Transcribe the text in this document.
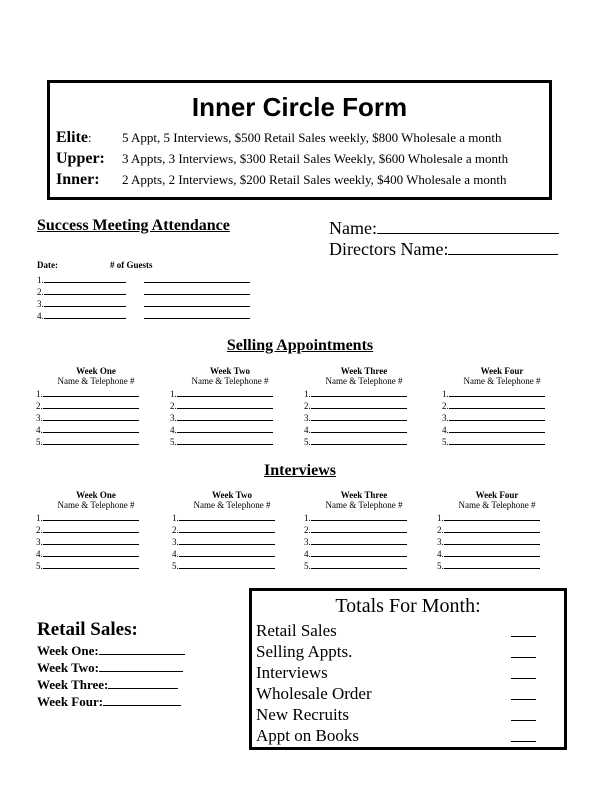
Inner Circle Form
Elite: 5 Appt, 5 Interviews, $500 Retail Sales weekly, $800 Wholesale a month
Upper: 3 Appts, 3 Interviews, $300 Retail Sales Weekly, $600 Wholesale a month
Inner: 2 Appts, 2 Interviews, $200 Retail Sales weekly, $400 Wholesale a month
Success Meeting Attendance
Date:	# of Guests
1.
2.
3.
4.
Name:
Directors Name:
Selling Appointments
Week One
Name & Telephone #
1.
2.
3.
4.
5.
Week Two
Name & Telephone #
1.
2.
3.
4.
5.
Week Three
Name & Telephone #
1.
2.
3.
4.
5.
Week Four
Name & Telephone #
1.
2.
3.
4.
5.
Interviews
Week One
Name & Telephone #
1.
2.
3.
4.
5.
Week Two
Name & Telephone #
1.
2.
3.
4.
5.
Week Three
Name & Telephone #
1.
2.
3.
4.
5.
Week Four
Name & Telephone #
1.
2.
3.
4.
5.
Retail Sales:
Week One:
Week Two:
Week Three:
Week Four:
Totals For Month:
Retail Sales
Selling Appts.
Interviews
Wholesale Order
New Recruits
Appt on Books
